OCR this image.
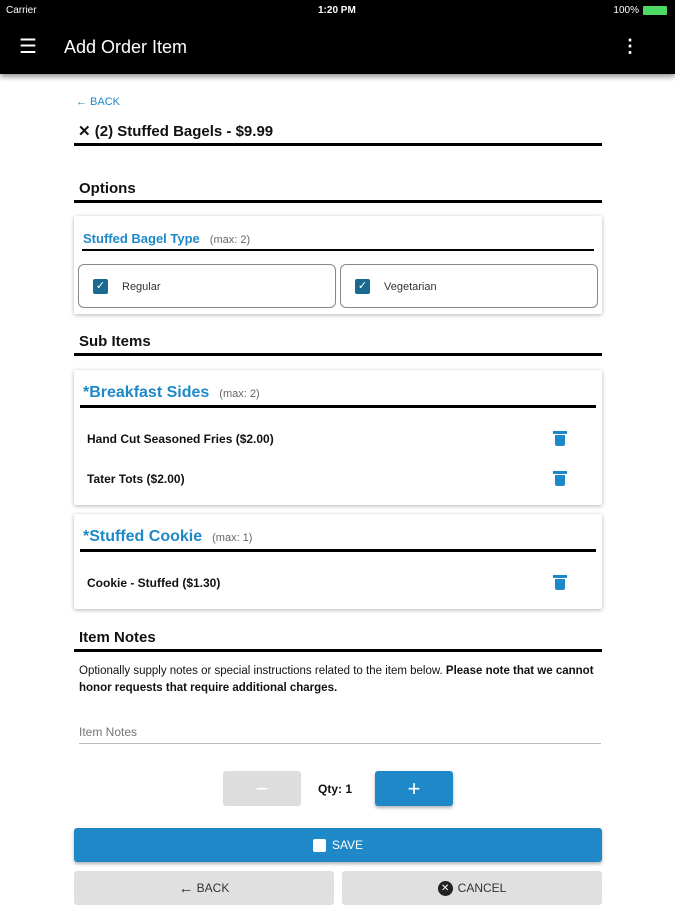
Carrier	1:20 PM	100%
☰ Add Order Item	⋮
← BACK
✕ (2) Stuffed Bagels - $9.99
Options
Stuffed Bagel Type (max: 2)
✓ Regular	✓ Vegetarian
Sub Items
*Breakfast Sides (max: 2)
Hand Cut Seasoned Fries ($2.00)
Tater Tots ($2.00)
*Stuffed Cookie (max: 1)
Cookie - Stuffed ($1.30)
Item Notes
Optionally supply notes or special instructions related to the item below. Please note that we cannot honor requests that require additional charges.
Item Notes
−	Qty: 1	+
SAVE
← BACK	✕ CANCEL
